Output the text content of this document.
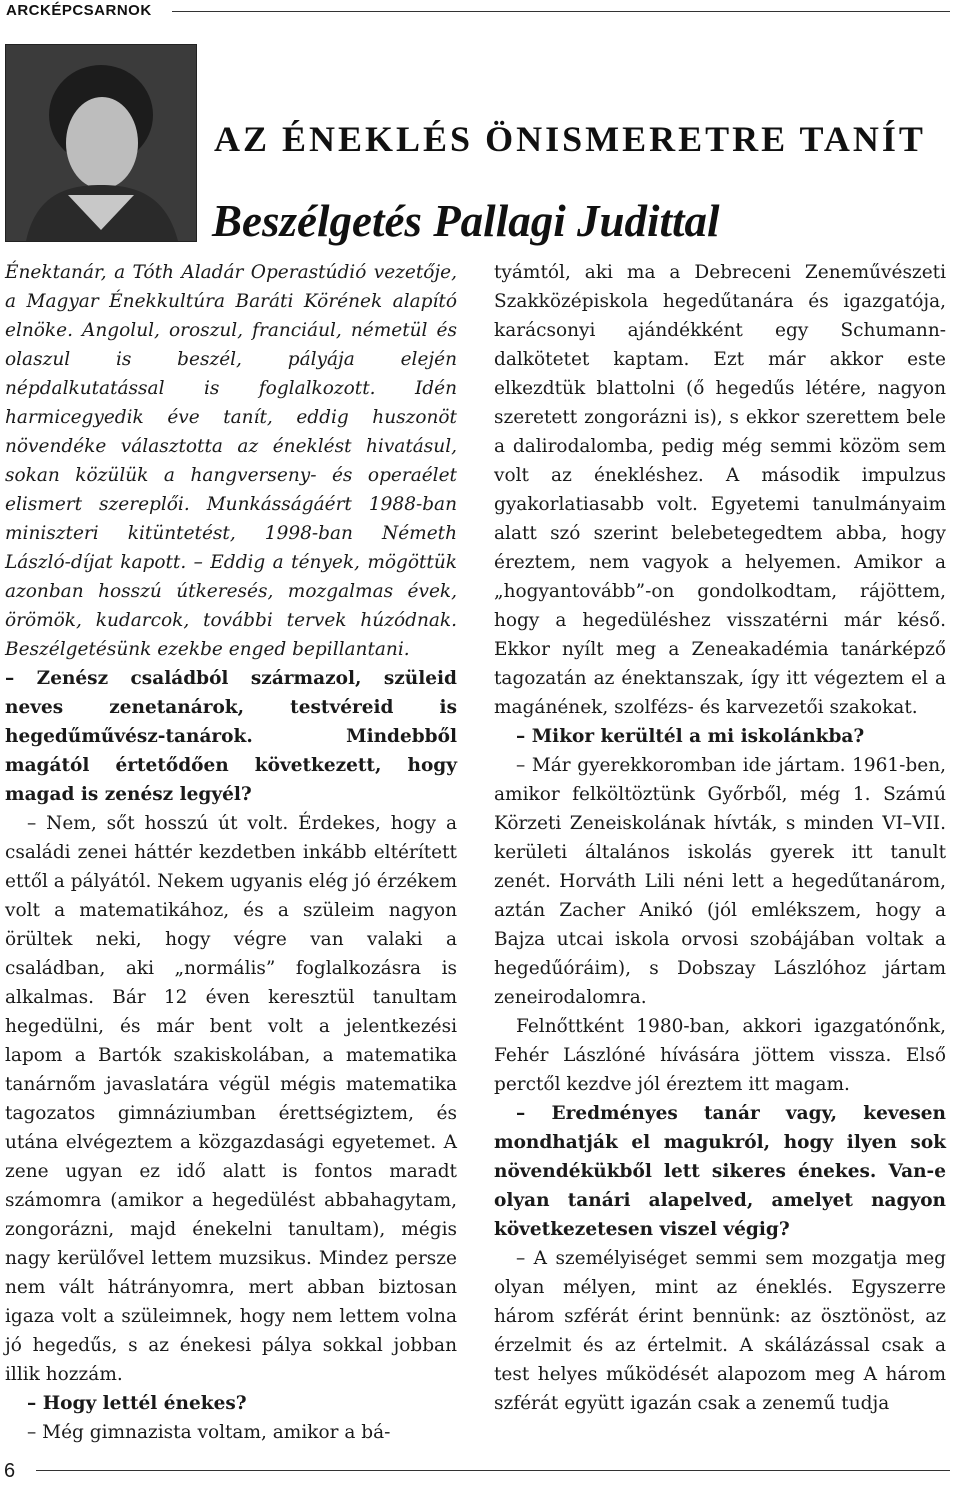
ARCKÉPCSARNOK
AZ ÉNEKLÉS ÖNISMERETRE TANÍT
Beszélgetés Pallagi Judittal

Énektanár, a Tóth Aladár Operastúdió vezetője, a Magyar Énekkultúra Baráti Körének alapító elnöke. Angolul, oroszul, franciául, németül és olaszul is beszél, pályája elején népdalkutatással is foglalkozott. Idén harmicegyedik éve tanít, eddig huszonöt növendéke választotta az éneklést hivatásul, sokan közülük a hangverseny- és operaélet elismert szereplői. Munkásságáért 1988-ban miniszteri kitüntetést, 1998-ban Németh László-díjat kapott. – Eddig a tények, mögöttük azonban hosszú útkeresés, mozgalmas évek, örömök, kudarcok, további tervek húzódnak. Beszélgetésünk ezekbe enged bepillantani.

– Zenész családból származol, szüleid neves zenetanárok, testvéreid is hegedűművész-tanárok. Mindebből magától értetődően következett, hogy magad is zenész legyél?

– Nem, sőt hosszú út volt. Érdekes, hogy a családi zenei háttér kezdetben inkább eltérített ettől a pályától. Nekem ugyanis elég jó érzékem volt a matematikához, és a szüleim nagyon örültek neki, hogy végre van valaki a családban, aki „normális” foglalkozásra is alkalmas. Bár 12 éven keresztül tanultam hegedülni, és már bent volt a jelentkezési lapom a Bartók szakiskolában, a matematika tanárnőm javaslatára végül mégis matematika tagozatos gimnáziumban érettségiztem, és utána elvégeztem a közgazdasági egyetemet. A zene ugyan ez idő alatt is fontos maradt számomra (amikor a hegedülést abbahagytam, zongorázni, majd énekelni tanultam), mégis nagy kerülővel lettem muzsikus. Mindez persze nem vált hátrányomra, mert abban biztosan igaza volt a szüleimnek, hogy nem lettem volna jó hegedűs, s az énekesi pálya sokkal jobban illik hozzám.

– Hogy lettél énekes?

– Még gimnazista voltam, amikor a bá-

tyámtól, aki ma a Debreceni Zeneművészeti Szakközépiskola hegedűtanára és igazgatója, karácsonyi ajándékként egy Schumann-dalkötetet kaptam. Ezt már akkor este elkezdtük blattolni (ő hegedűs létére, nagyon szeretett zongorázni is), s ekkor szerettem bele a dalirodalomba, pedig még semmi közöm sem volt az énekléshez. A második impulzus gyakorlatiasabb volt. Egyetemi tanulmányaim alatt szó szerint belebetegedtem abba, hogy éreztem, nem vagyok a helyemen. Amikor a „hogyantovább”-on gondolkodtam, rájöttem, hogy a hegedüléshez visszatérni már késő. Ekkor nyílt meg a Zeneakadémia tanárképző tagozatán az énektanszak, így itt végeztem el a magánének, szolfézs- és karvezetői szakokat.

– Mikor kerültél a mi iskolánkba?

– Már gyerekkoromban ide jártam. 1961-ben, amikor felköltöztünk Győrből, még 1. Számú Körzeti Zeneiskolának hívták, s minden VI–VII. kerületi általános iskolás gyerek itt tanult zenét. Horváth Lili néni lett a hegedűtanárom, aztán Zacher Anikó (jól emlékszem, hogy a Bajza utcai iskola orvosi szobájában voltak a hegedűóráim), s Dobszay Lászlóhoz jártam zeneirodalomra.

Felnőttként 1980-ban, akkori igazgatónőnk, Fehér Lászlóné hívására jöttem vissza. Első perctől kezdve jól éreztem itt magam.

– Eredményes tanár vagy, kevesen mondhatják el magukról, hogy ilyen sok növendékükből lett sikeres énekes. Van-e olyan tanári alapelved, amelyet nagyon következetesen viszel végig?

– A személyiséget semmi sem mozgatja meg olyan mélyen, mint az éneklés. Egyszerre három szférát érint bennünk: az ösztönöst, az érzelmit és az értelmit. A skálázással csak a test helyes működését alapozom meg A három szférát együtt igazán csak a zenemű tudja

6
